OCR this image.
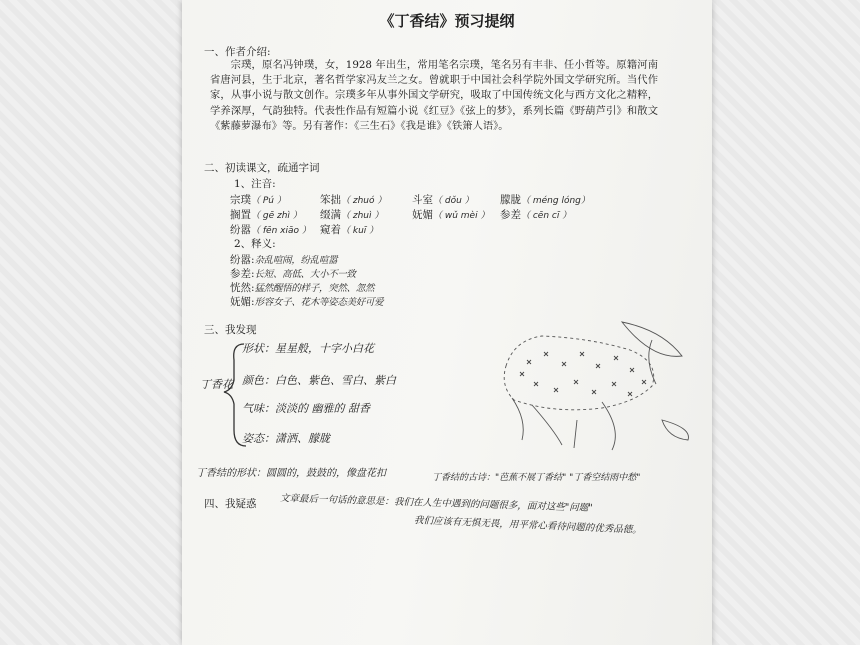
《丁香结》预习提纲
一、作者介绍:
宗璞，原名冯钟璞，女，1928 年出生，常用笔名宗璞，笔名另有丰非、任小哲等。原籍河南省唐河县，生于北京，著名哲学家冯友兰之女。曾就职于中国社会科学院外国文学研究所。当代作家，从事小说与散文创作。宗璞多年从事外国文学研究，吸取了中国传统文化与西方文化之精粹，学养深厚，气韵独特。代表性作品有短篇小说《红豆》《弦上的梦》，系列长篇《野葫芦引》和散文《紫藤萝瀑布》等。另有著作：《三生石》《我是谁》《铁箫人语》。
二、初读课文，疏通字词
1、注音:
宗璞（ Pú ）	笨拙（ zhuó ） 斗室（ dǒu ）	朦胧（ méng lóng）
搁置（ gē zhì ） 缀满（ zhuì ）	妩媚（ wǔ mèi ） 参差（ cēn cī ）
纷嚣（ fēn xiāo ） 窥着（ kuī ）
2、释义:
纷嚣:杂乱喧闹，纷乱喧嚣
参差:长短、高低、大小不一致
恍然:猛然醒悟的样子，突然、忽然
妩媚:形容女子、花木等姿态美好可爱
三、我发现
丁香花
形状：星星般，十字小白花
颜色：白色、紫色、雪白、紫白
气味：淡淡的 幽雅的 甜香
姿态：潇洒、朦胧
丁香结的形状：圆圆的，鼓鼓的，像盘花扣	丁香结的古诗："芭蕉不展丁香结" "丁香空结雨中愁"
四、我疑惑 文章最后一句话的意思是：我们在人生中遇到的问题很多，面对这些"问题"
我们应该有无惧无畏，用平常心看待问题的优秀品德。
